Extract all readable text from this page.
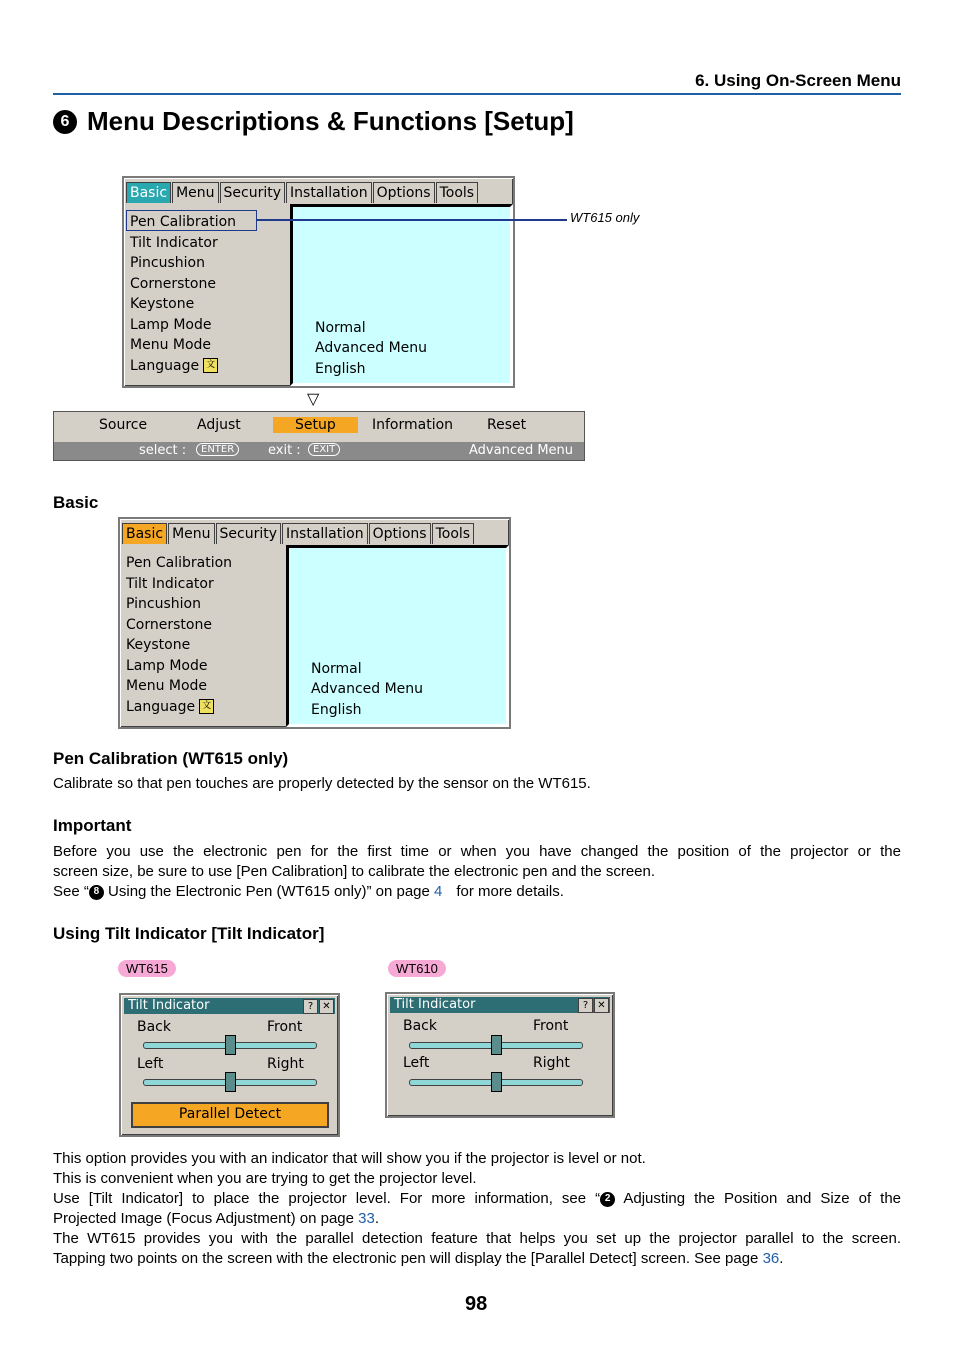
6. Using On-Screen Menu
6 Menu Descriptions & Functions [Setup]
Basic Menu Security Installation Options Tools
Pen Calibration
Tilt Indicator
Pincushion
Cornerstone
Keystone
Lamp Mode
Menu Mode
Language 文
Normal
Advanced Menu
English
WT615 only
▽
Source	Adjust	Setup	Information Reset
select :	ENTER	exit :	EXIT	Advanced Menu
Basic
Basic Menu Security Installation Options Tools
Pen Calibration
Tilt Indicator
Pincushion
Cornerstone
Keystone
Lamp Mode
Menu Mode
Language 文
Normal
Advanced Menu
English
Pen Calibration (WT615 only)
Calibrate so that pen touches are properly detected by the sensor on the WT615.
Important
Before you use the electronic pen for the first time or when you have changed the position of the projector or the
screen size, be sure to use [Pen Calibration] to calibrate the electronic pen and the screen.
See “ 8 Using the Electronic Pen (WT615 only)” on page 4 for more details.
Using Tilt Indicator [Tilt Indicator]
WT615	WT610
Tilt Indicator	? ✕
Back	Front
Left	Right
Parallel Detect
Tilt Indicator	? ✕
Back	Front
Left	Right
This option provides you with an indicator that will show you if the projector is level or not.
This is convenient when you are trying to get the projector level.
Use [Tilt Indicator] to place the projector level. For more information, see “ 2 Adjusting the Position and Size of the
Projected Image (Focus Adjustment) on page 33.
The WT615 provides you with the parallel detection feature that helps you set up the projector parallel to the screen.
Tapping two points on the screen with the electronic pen will display the [Parallel Detect] screen. See page 36.
98
